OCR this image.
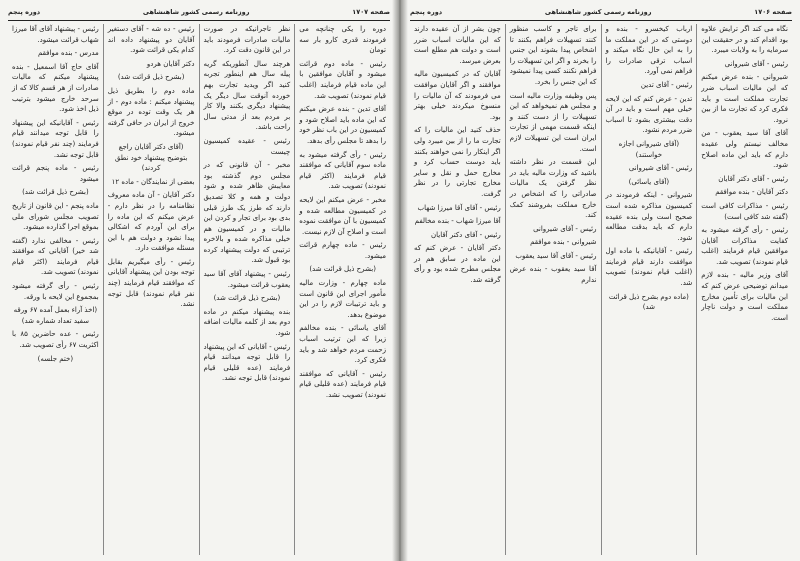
صفحه ۱۷۰۷
روزنامه رسمی کشور شاهنشاهی
دوره پنجم

دوره را یکی چنانچه می فرمودند قدری کارو بار سه تومان

رئیس - ماده دوم قرائت میشود و آقایان موافقین با این ماده قیام فرمایند (اغلب قیام نمودند) تصویب شد.

آقای تدین - بنده عرض میکنم که این ماده باید اصلاح شود و کمیسیون در این باب نظر خود را بدهد تا مجلس رأی بدهد.

رئیس - رأی گرفته میشود به ماده سوم آقایانی که موافقند قیام فرمایند (اکثر قیام نمودند) تصویب شد.

مخبر - عرض میکنم این لایحه در کمیسیون مطالعه شده و کمیسیون با آن موافقت نموده است و اصلاح آن لازم نیست.

رئیس - ماده چهارم قرائت میشود.

(بشرح ذیل قرائت شد)

ماده چهارم - وزارت مالیه مأمور اجرای این قانون است و باید ترتیبات لازم را در این موضوع بدهد.

آقای یاسائی - بنده مخالفم زیرا که این ترتیب اسباب زحمت مردم خواهد شد و باید فکری کرد.

رئیس - آقایانی که موافقند قیام فرمایند (عده قلیلی قیام نمودند) تصویب نشد.

نظر تاجرانیکه در صورت مالیات صادرات فرمودند باید در این قانون دقت کرد.

هرچند سال آنطوریکه گریه پیله سال هم اینطور تجربه کنید اگر ویدید تجارت بهم خورده آنوقت سال دیگر یک پیشنهاد دیگری بکنند والا کار بر مردم بعد از مدتی سال راحت باشد.

رئیس - عقیده کمیسیون چیست

مخبر - آن قانونی که در مجلس دوم گذشته بود معایبش ظاهر شده و شود دولت و همه و کلا تصدیق دارند که طرز یک طرز قبلی بدی بود برای تجار و کردن این مالیات و در کمیسیون هم خیلی مذاکره شده و بالاخره ترتیبی که دولت پیشنهاد کرده بود قبول شد.

رئیس - پیشنهاد آقای آقا سید یعقوب قرائت میشود.

(بشرح ذیل قرائت شد)

بنده پیشنهاد میکنم در ماده دوم بعد از کلمه مالیات اضافه شود.

رئیس - آقایانی که این پیشنهاد را قابل توجه میدانند قیام فرمایند (عده قلیلی قیام نمودند) قابل توجه نشد.

رئیس - ده شه - آقای دستغیر آقایان دو پیشنهاد داده اند کدام یکی قرائت شود.

دکتر آقایان هردو

(بشرح ذیل قرائت شد)

ماده دوم را بطریق ذیل پیشنهاد میکنم : ماده دوم - از هر یک وقت توده در موقع خروج از ایران در حافی گرفته میشود.

(آقای دکتر آقایان راجع بتوضیح پیشنهاد خود نطق کردند)

بعضی از نمایندگان - ماده ۱۲

دکتر آقایان - آن ماده معروف نظامنامه را در نظر دارم - عرض میکنم که این ماده را برای این آوردم که اشکالی پیدا نشود و دولت هم با این مسئله موافقت دارد.

رئیس - رأی میگیریم بقابل توجه بودن این پیشنهاد آقایانی که موافقند قیام فرمایند (چند نفر قیام نمودند) قابل توجه نشد.

رئیس - پیشنهاد آقای آقا میرزا شهاب قرائت میشود.

مدرس - بنده موافقم

آقای حاج آقا اسمعیل - بنده پیشنهاد میکنم که مالیات صادرات از هر قسم کالا که از سرحد خارج میشود بترتیب ذیل اخذ شود.

رئیس - آقایانیکه این پیشنهاد را قابل توجه میدانند قیام فرمایند (چند نفر قیام نمودند) قابل توجه نشد.

رئیس - ماده پنجم قرائت میشود

(بشرح ذیل قرائت شد)

ماده پنجم - این قانون از تاریخ تصویب مجلس شورای ملی بموقع اجرا گذارده میشود.

رئیس - مخالفی ندارد (گفته شد خیر) آقایانی که موافقند قیام فرمایند (اکثر قیام نمودند) تصویب شد.

رئیس - رأی گرفته میشود بمجموع این لایحه با ورقه.

(اخذ آراء بعمل آمده ۶۷ ورقه سفید تعداد شماره شد)

رئیس - عده حاضرین ۸۵ با اکثریت ۶۷ رأی تصویب شد.

(ختم جلسه)

صفحه ۱۷۰۶
روزنامه رسمی کشور شاهنشاهی
دوره پنجم

نگاه می کند اگر ترایش علاوه بود اقدام کند و در حقیقت این سرمایه را به ولایات میبرد.

رئیس - آقای شیروانی

شیروانی - بنده عرض میکنم که این مالیات اسباب ضرر تجارت مملکت است و باید فکری کرد که تجارت ما از بین نرود.

آقای آقا سید یعقوب - من مخالف نیستم ولی عقیده دارم که باید این ماده اصلاح شود.

رئیس - آقای دکتر آقایان

دکتر آقایان - بنده موافقم

رئیس - مذاکرات کافی است (گفته شد کافی است)

رئیس - رأی گرفته میشود به کفایت مذاکرات آقایان موافقین قیام فرمایند (اغلب قیام نمودند) تصویب شد.

آقای وزیر مالیه - بنده لازم میدانم توضیحی عرض کنم که این مالیات برای تأمین مخارج مملکت است و دولت ناچار است.

ارباب کیخسرو - بنده و دوستی که در این مملکت ما را به این حال نگاه میکند و اسباب ترقی صادرات را فراهم نمی آورد.

رئیس - آقای تدین

تدین - عرض کنم که این لایحه خیلی مهم است و باید در آن دقت بیشتری بشود تا اسباب ضرر مردم نشود.

(آقای شیروانی اجازه خواستند)

رئیس - آقای شیروانی

(آقای یاسائی)

شیروانی - اینکه فرمودند در کمیسیون مذاکره شده است صحیح است ولی بنده عقیده دارم که باید بدقت مطالعه شود.

رئیس - آقایانیکه با ماده اول موافقت دارند قیام فرمایند (اغلب قیام نمودند) تصویب شد.

(ماده دوم بشرح ذیل قرائت شد)

برای تاجر و کاسب منظور کنند تسهیلات فراهم بکنند تا اشخاص پیدا بشوند این جنس را بخرند و اگر این تسهیلات را فراهم نکنند کسی پیدا نمیشود که این جنس را بخرد.

پس وظیفه وزارت مالیه است و مجلس هم نمیخواهد که این تسهیلات را از دست کنند و اینکه قسمت مهمی از تجارت ایران است این تسهیلات لازم است.

این قسمت در نظر داشته باشید که وزارت مالیه باید در نظر گرفتن یک مالیات صادراتی را که اشخاص در خارج مملکت بفروشند کمک کند.

رئیس - آقای شیروانی

شیروانی - بنده موافقم

رئیس - آقای آقا سید یعقوب

آقا سید یعقوب - بنده عرض ندارم

چون بشر از آن عقیده دارند که این مالیات اسباب ضرر است و دولت هم مطلع است بعرض میرسد.

آقایان که در کمیسیون مالیه موافقند و اگر آقایان موافقت می فرمودند که آن مالیات را منسوخ میکردند خیلی بهتر بود.

حذف کنید این مالیات را که تجارت ما را از بین میبرد ولی اگر اینکار را نمی خواهند بکنند باید دوست حساب کرد و مخارج حمل و نقل و سایر مخارج تجارتی را در نظر گرفت.

رئیس - آقای آقا میرزا شهاب

آقا میرزا شهاب - بنده مخالفم

رئیس - آقای دکتر آقایان

دکتر آقایان - عرض کنم که این ماده در سابق هم در مجلس مطرح شده بود و رأی گرفته شد.
